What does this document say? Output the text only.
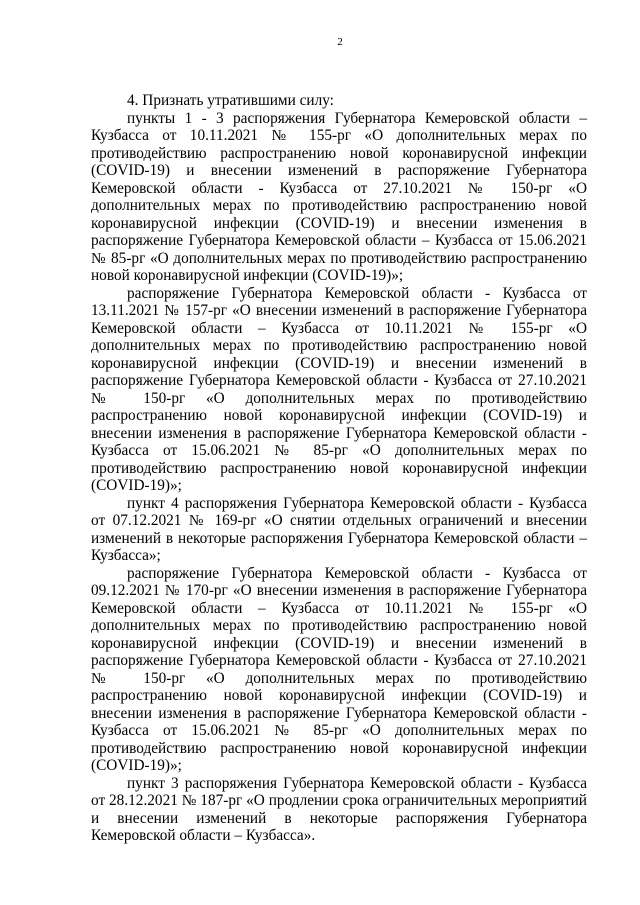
2

4. Признать утратившими силу:

пункты 1 - 3 распоряжения Губернатора Кемеровской области – Кузбасса от 10.11.2021 № 155-рг «О дополнительных мерах по противодействию распространению новой коронавирусной инфекции (COVID-19) и внесении изменений в распоряжение Губернатора Кемеровской области - Кузбасса от 27.10.2021 № 150-рг «О дополнительных мерах по противодействию распространению новой коронавирусной инфекции (COVID-19) и внесении изменения в распоряжение Губернатора Кемеровской области – Кузбасса от 15.06.2021 № 85-рг «О дополнительных мерах по противодействию распространению новой коронавирусной инфекции (COVID-19)»;

распоряжение Губернатора Кемеровской области - Кузбасса от 13.11.2021 № 157-рг «О внесении изменений в распоряжение Губернатора Кемеровской области – Кузбасса от 10.11.2021 № 155-рг «О дополнительных мерах по противодействию распространению новой коронавирусной инфекции (COVID-19) и внесении изменений в распоряжение Губернатора Кемеровской области - Кузбасса от 27.10.2021 № 150-рг «О дополнительных мерах по противодействию распространению новой коронавирусной инфекции (COVID-19) и внесении изменения в распоряжение Губернатора Кемеровской области - Кузбасса от 15.06.2021 № 85-рг «О дополнительных мерах по противодействию распространению новой коронавирусной инфекции (COVID-19)»;

пункт 4 распоряжения Губернатора Кемеровской области - Кузбасса от 07.12.2021 № 169-рг «О снятии отдельных ограничений и внесении изменений в некоторые распоряжения Губернатора Кемеровской области – Кузбасса»;

распоряжение Губернатора Кемеровской области - Кузбасса от 09.12.2021 № 170-рг «О внесении изменения в распоряжение Губернатора Кемеровской области – Кузбасса от 10.11.2021 № 155-рг «О дополнительных мерах по противодействию распространению новой коронавирусной инфекции (COVID-19) и внесении изменений в распоряжение Губернатора Кемеровской области - Кузбасса от 27.10.2021 № 150-рг «О дополнительных мерах по противодействию распространению новой коронавирусной инфекции (COVID-19) и внесении изменения в распоряжение Губернатора Кемеровской области - Кузбасса от 15.06.2021 № 85-рг «О дополнительных мерах по противодействию распространению новой коронавирусной инфекции (COVID-19)»;

пункт 3 распоряжения Губернатора Кемеровской области - Кузбасса от 28.12.2021 № 187-рг «О продлении срока ограничительных мероприятий и внесении изменений в некоторые распоряжения Губернатора Кемеровской области – Кузбасса».
